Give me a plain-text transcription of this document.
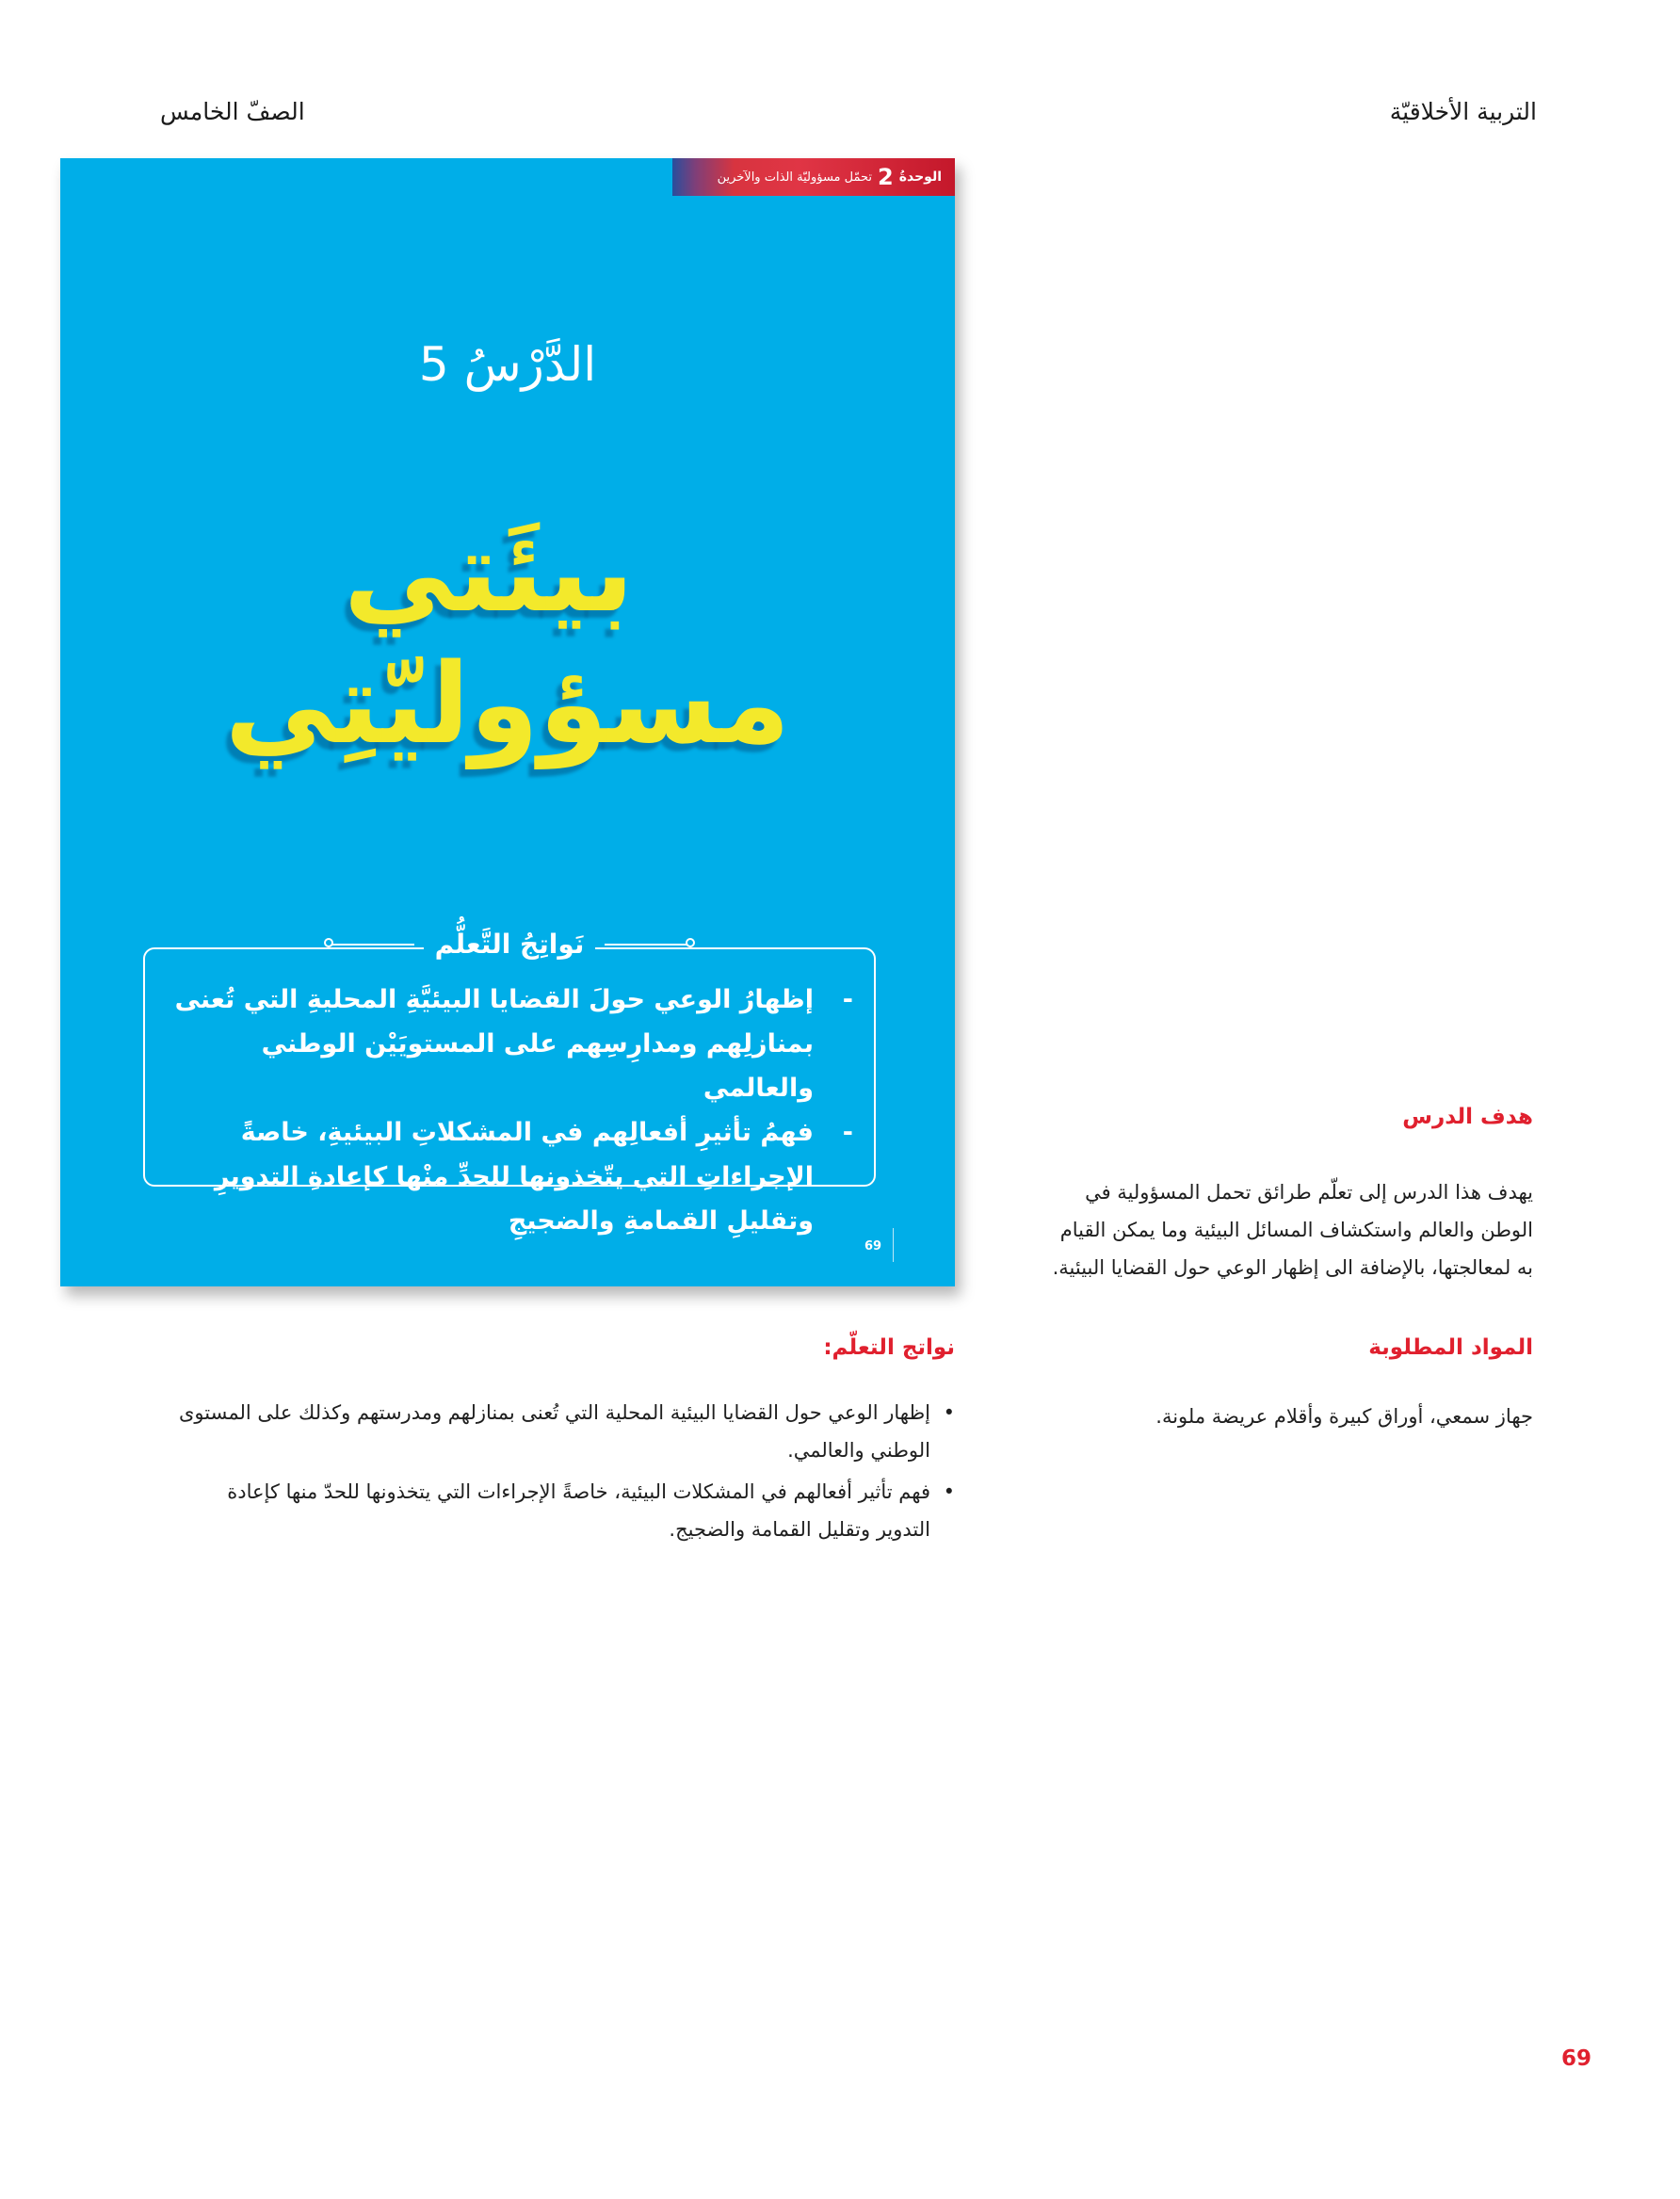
التربية الأخلاقيّة
الصفّ الخامس
الوحدةُ
2
تحمّل مسؤوليّة الذات والآخرين
الدَّرْسُ 5
بيئَتي
مسؤوليّتِي
نَواتِجُ التَّعلُّم
-
إظهارُ الوعي حولَ القضايا البيئيَّةِ المحليةِ التي تُعنى بمنازلِهم ومدارِسِهم على المستويَيْن الوطني والعالمي
-
فهمُ تأثيرِ أفعالِهم في المشكلاتِ البيئيةِ، خاصةً الإجراءاتِ التي يتّخذونها للحدِّ منْها كإعادةِ التدويرِ وتقليلِ القمامةِ والضجيجِ
69
هدف الدرس
يهدف هذا الدرس إلى تعلّم طرائق تحمل المسؤولية في الوطن والعالم واستكشاف المسائل البيئية وما يمكن القيام به لمعالجتها، بالإضافة الى إظهار الوعي حول القضايا البيئية.
المواد المطلوبة
جهاز سمعي، أوراق كبيرة وأقلام عريضة ملونة.
نواتج التعلّم:
•
إظهار الوعي حول القضايا البيئية المحلية التي تُعنى بمنازلهم ومدرستهم وكذلك على المستوى الوطني والعالمي.
•
فهم تأثير أفعالهم في المشكلات البيئية، خاصةً الإجراءات التي يتخذونها للحدّ منها كإعادة التدوير وتقليل القمامة والضجيج.
69
